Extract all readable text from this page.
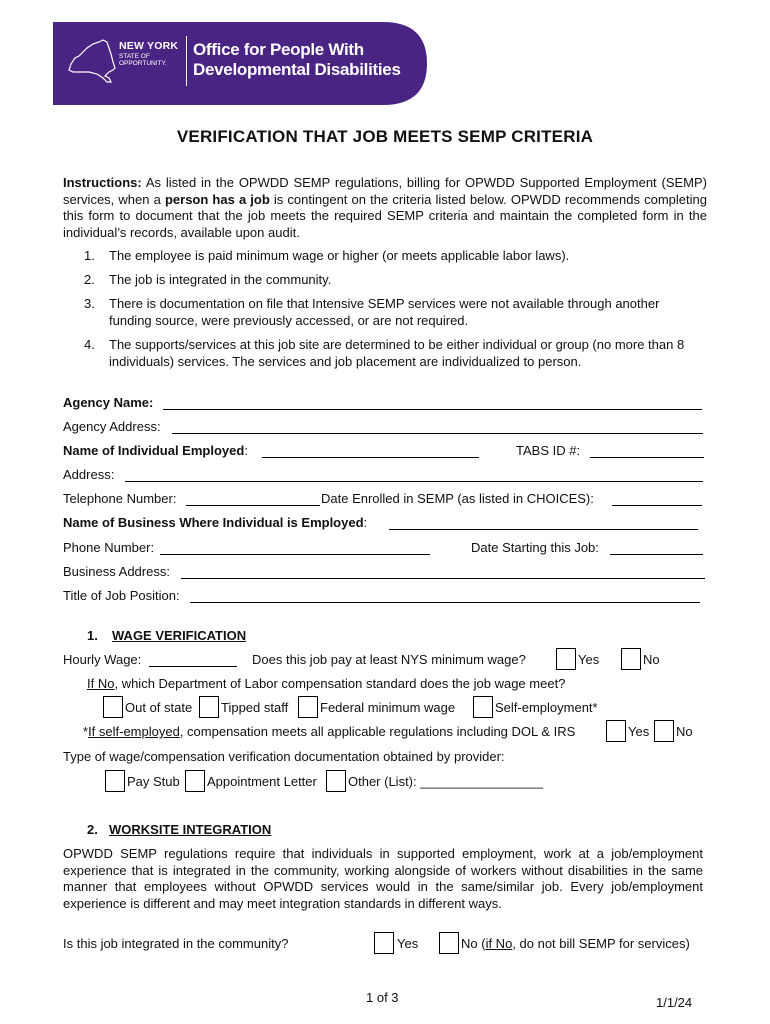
NEW YORK
STATE OF OPPORTUNITY.
Office for People With
Developmental Disabilities
VERIFICATION THAT JOB MEETS SEMP CRITERIA
Instructions: As listed in the OPWDD SEMP regulations, billing for OPWDD Supported Employment (SEMP) services, when a person has a job is contingent on the criteria listed below. OPWDD recommends completing this form to document that the job meets the required SEMP criteria and maintain the completed form in the individual’s records, available upon audit.
1. The employee is paid minimum wage or higher (or meets applicable labor laws).
2. The job is integrated in the community.
3. There is documentation on file that Intensive SEMP services were not available through another funding source, were previously accessed, or are not required.
4. The supports/services at this job site are determined to be either individual or group (no more than 8 individuals) services. The services and job placement are individualized to person.
Agency Name:
Agency Address:
Name of Individual Employed:	TABS ID #:
Address:
Telephone Number:	Date Enrolled in SEMP (as listed in CHOICES):
Name of Business Where Individual is Employed:
Phone Number:	Date Starting this Job:
Business Address:
Title of Job Position:
1. WAGE VERIFICATION
Hourly Wage:	Does this job pay at least NYS minimum wage?	Yes	No
If No, which Department of Labor compensation standard does the job wage meet?
Out of state Tipped staff Federal minimum wage	Self-employment*
*If self-employed, compensation meets all applicable regulations including DOL & IRS	Yes No
Type of wage/compensation verification documentation obtained by provider:
Pay Stub Appointment Letter Other (List): _________________
2. WORKSITE INTEGRATION
OPWDD SEMP regulations require that individuals in supported employment, work at a job/employment experience that is integrated in the community, working alongside of workers without disabilities in the same manner that employees without OPWDD services would in the same/similar job. Every job/employment experience is different and may meet integration standards in different ways.
Is this job integrated in the community?	Yes	No (if No, do not bill SEMP for services)
1 of 3	1/1/24
